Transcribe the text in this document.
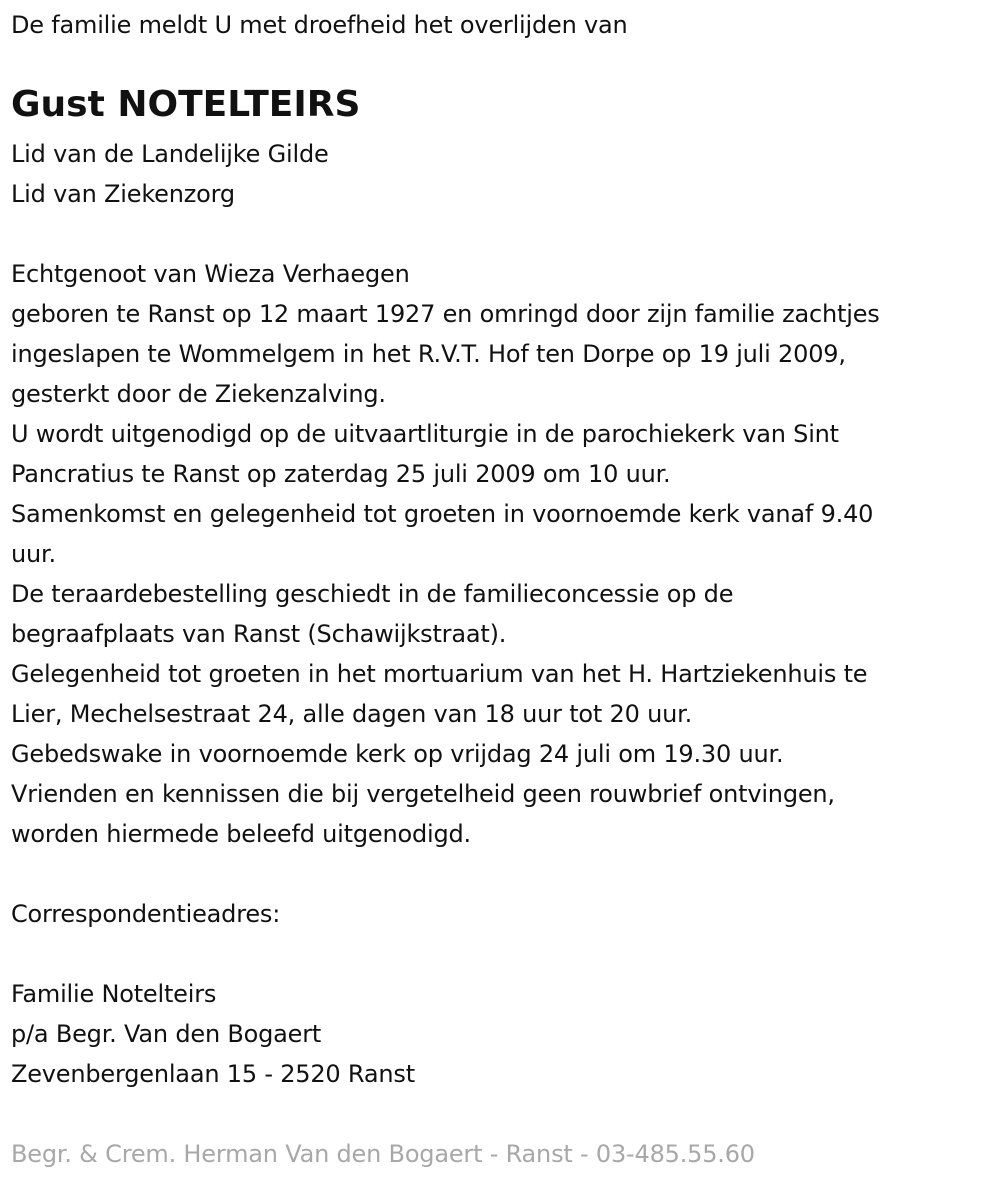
De familie meldt U met droefheid het overlijden van
Gust NOTELTEIRS
Lid van de Landelijke Gilde
Lid van Ziekenzorg
Echtgenoot van Wieza Verhaegen
geboren te Ranst op 12 maart 1927 en omringd door zijn familie zachtjes
ingeslapen te Wommelgem in het R.V.T. Hof ten Dorpe op 19 juli 2009,
gesterkt door de Ziekenzalving.
U wordt uitgenodigd op de uitvaartliturgie in de parochiekerk van Sint
Pancratius te Ranst op zaterdag 25 juli 2009 om 10 uur.
Samenkomst en gelegenheid tot groeten in voornoemde kerk vanaf 9.40
uur.
De teraardebestelling geschiedt in de familieconcessie op de
begraafplaats van Ranst (Schawijkstraat).
Gelegenheid tot groeten in het mortuarium van het H. Hartziekenhuis te
Lier, Mechelsestraat 24, alle dagen van 18 uur tot 20 uur.
Gebedswake in voornoemde kerk op vrijdag 24 juli om 19.30 uur.
Vrienden en kennissen die bij vergetelheid geen rouwbrief ontvingen,
worden hiermede beleefd uitgenodigd.
Correspondentieadres:
Familie Notelteirs
p/a Begr. Van den Bogaert
Zevenbergenlaan 15 - 2520 Ranst
Begr. & Crem. Herman Van den Bogaert - Ranst - 03-485.55.60
